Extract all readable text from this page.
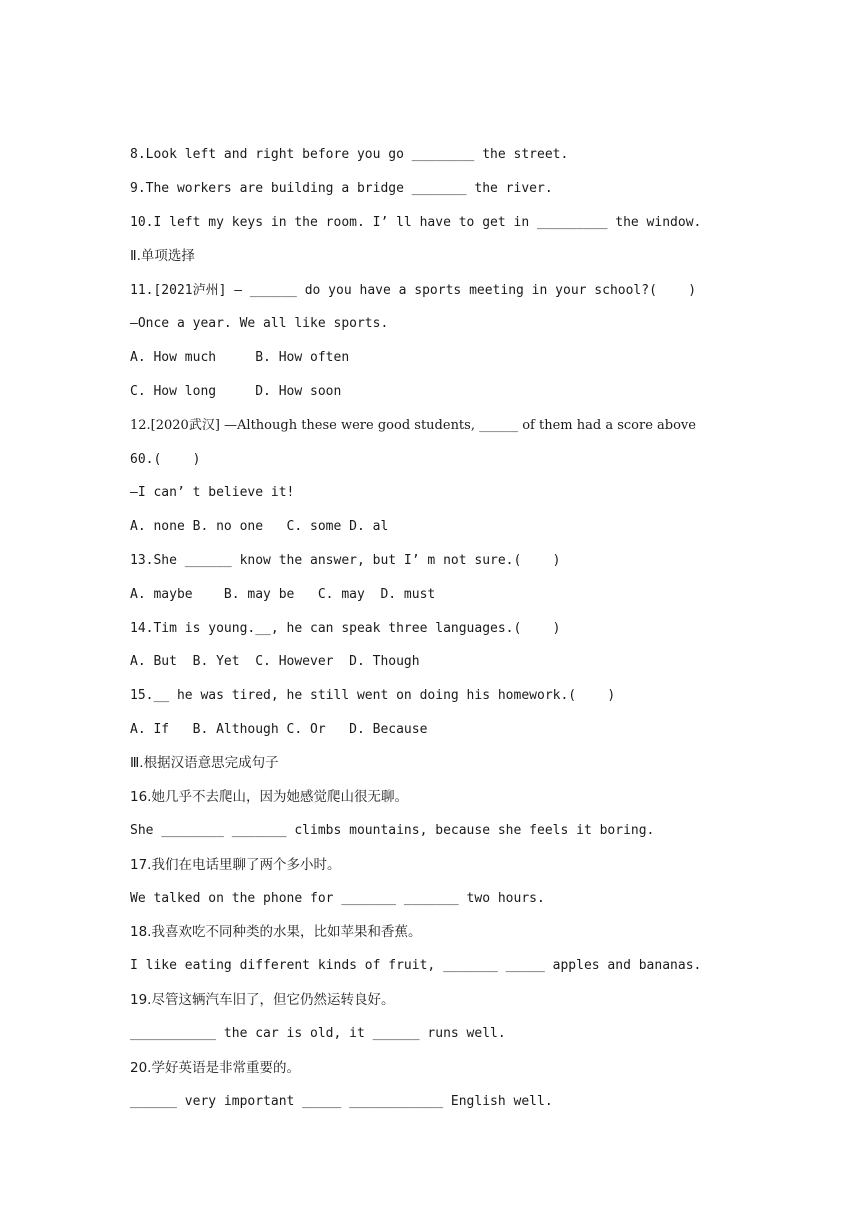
8.Look left and right before you go ________ the street.
9.The workers are building a bridge _______ the river.
10.I left my keys in the room. I’ ll have to get in _________ the window.
Ⅱ.单项选择
11.[2021泸州] — ______ do you have a sports meeting in your school?(    )
—Once a year. We all like sports.
A. How much     B. How often
C. How long     D. How soon
12.[2020武汉] —Although these were good students, ______ of them had a score above
60.(    )
—I can’ t believe it!
A. none B. no one   C. some D. al
13.She ______ know the answer, but I’ m not sure.(    )
A. maybe    B. may be   C. may  D. must
14.Tim is young.__, he can speak three languages.(    )
A. But  B. Yet  C. However  D. Though
15.__ he was tired, he still went on doing his homework.(    )
A. If   B. Although C. Or   D. Because
Ⅲ.根据汉语意思完成句子
16.她几乎不去爬山，因为她感觉爬山很无聊。
She ________ _______ climbs mountains, because she feels it boring.
17.我们在电话里聊了两个多小时。
We talked on the phone for _______ _______ two hours.
18.我喜欢吃不同种类的水果，比如苹果和香蕉。
I like eating different kinds of fruit, _______ _____ apples and bananas.
19.尽管这辆汽车旧了，但它仍然运转良好。
___________ the car is old, it ______ runs well.
20.学好英语是非常重要的。
______ very important _____ ____________ English well.
